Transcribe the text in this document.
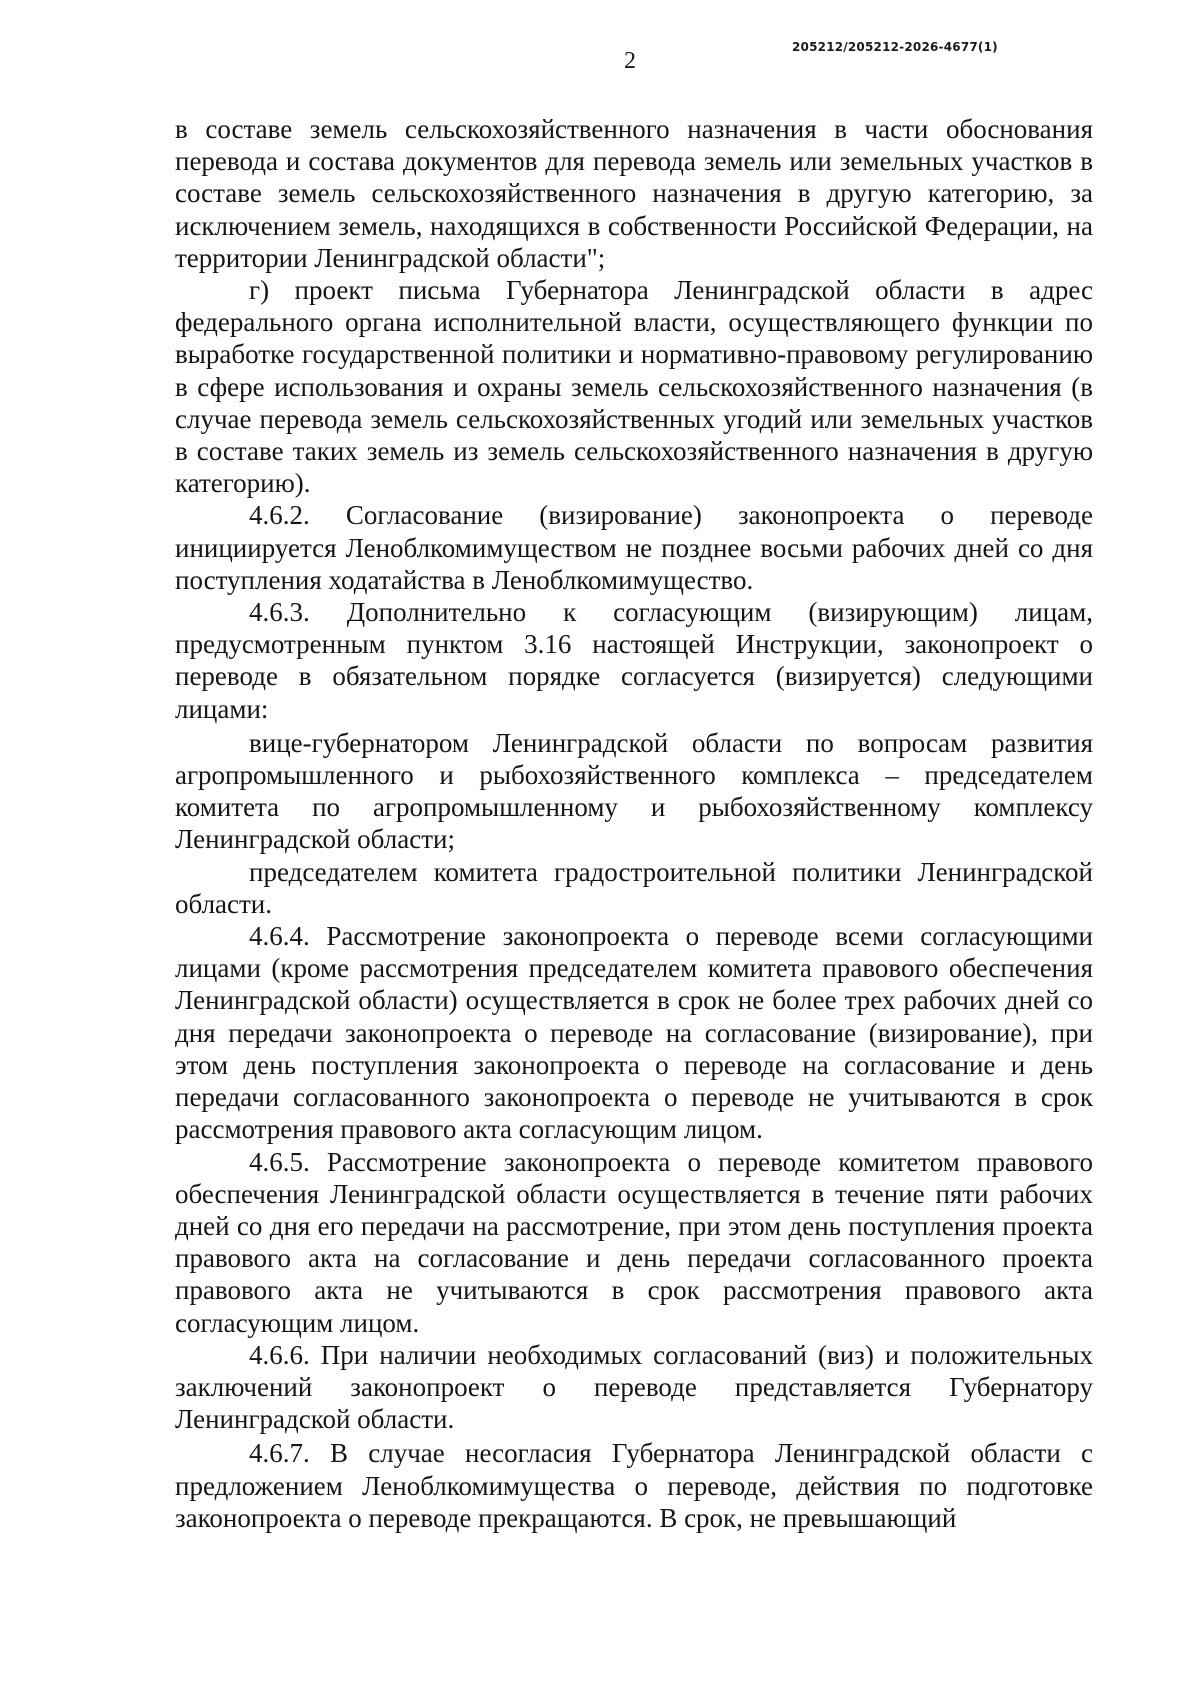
205212/205212-2026-4677(1)
2

в составе земель сельскохозяйственного назначения в части обоснования перевода и состава документов для перевода земель или земельных участков в составе земель сельскохозяйственного назначения в другую категорию, за исключением земель, находящихся в собственности Российской Федерации, на территории Ленинградской области";

г) проект письма Губернатора Ленинградской области в адрес федерального органа исполнительной власти, осуществляющего функции по выработке государственной политики и нормативно-правовому регулированию в сфере использования и охраны земель сельскохозяйственного назначения (в случае перевода земель сельскохозяйственных угодий или земельных участков в составе таких земель из земель сельскохозяйственного назначения в другую категорию).

4.6.2. Согласование (визирование) законопроекта о переводе инициируется Леноблкомимуществом не позднее восьми рабочих дней со дня поступления ходатайства в Леноблкомимущество.

4.6.3. Дополнительно к согласующим (визирующим) лицам, предусмотренным пунктом 3.16 настоящей Инструкции, законопроект о переводе в обязательном порядке согласуется (визируется) следующими лицами:

вице-губернатором Ленинградской области по вопросам развития агропромышленного и рыбохозяйственного комплекса – председателем комитета по агропромышленному и рыбохозяйственному комплексу Ленинградской области;

председателем комитета градостроительной политики Ленинградской области.

4.6.4. Рассмотрение законопроекта о переводе всеми согласующими лицами (кроме рассмотрения председателем комитета правового обеспечения Ленинградской области) осуществляется в срок не более трех рабочих дней со дня передачи законопроекта о переводе на согласование (визирование), при этом день поступления законопроекта о переводе на согласование и день передачи согласованного законопроекта о переводе не учитываются в срок рассмотрения правового акта согласующим лицом.

4.6.5. Рассмотрение законопроекта о переводе комитетом правового обеспечения Ленинградской области осуществляется в течение пяти рабочих дней со дня его передачи на рассмотрение, при этом день поступления проекта правового акта на согласование и день передачи согласованного проекта правового акта не учитываются в срок рассмотрения правового акта согласующим лицом.

4.6.6. При наличии необходимых согласований (виз) и положительных заключений законопроект о переводе представляется Губернатору Ленинградской области.

4.6.7. В случае несогласия Губернатора Ленинградской области с предложением Леноблкомимущества о переводе, действия по подготовке законопроекта о переводе прекращаются. В срок, не превышающий
